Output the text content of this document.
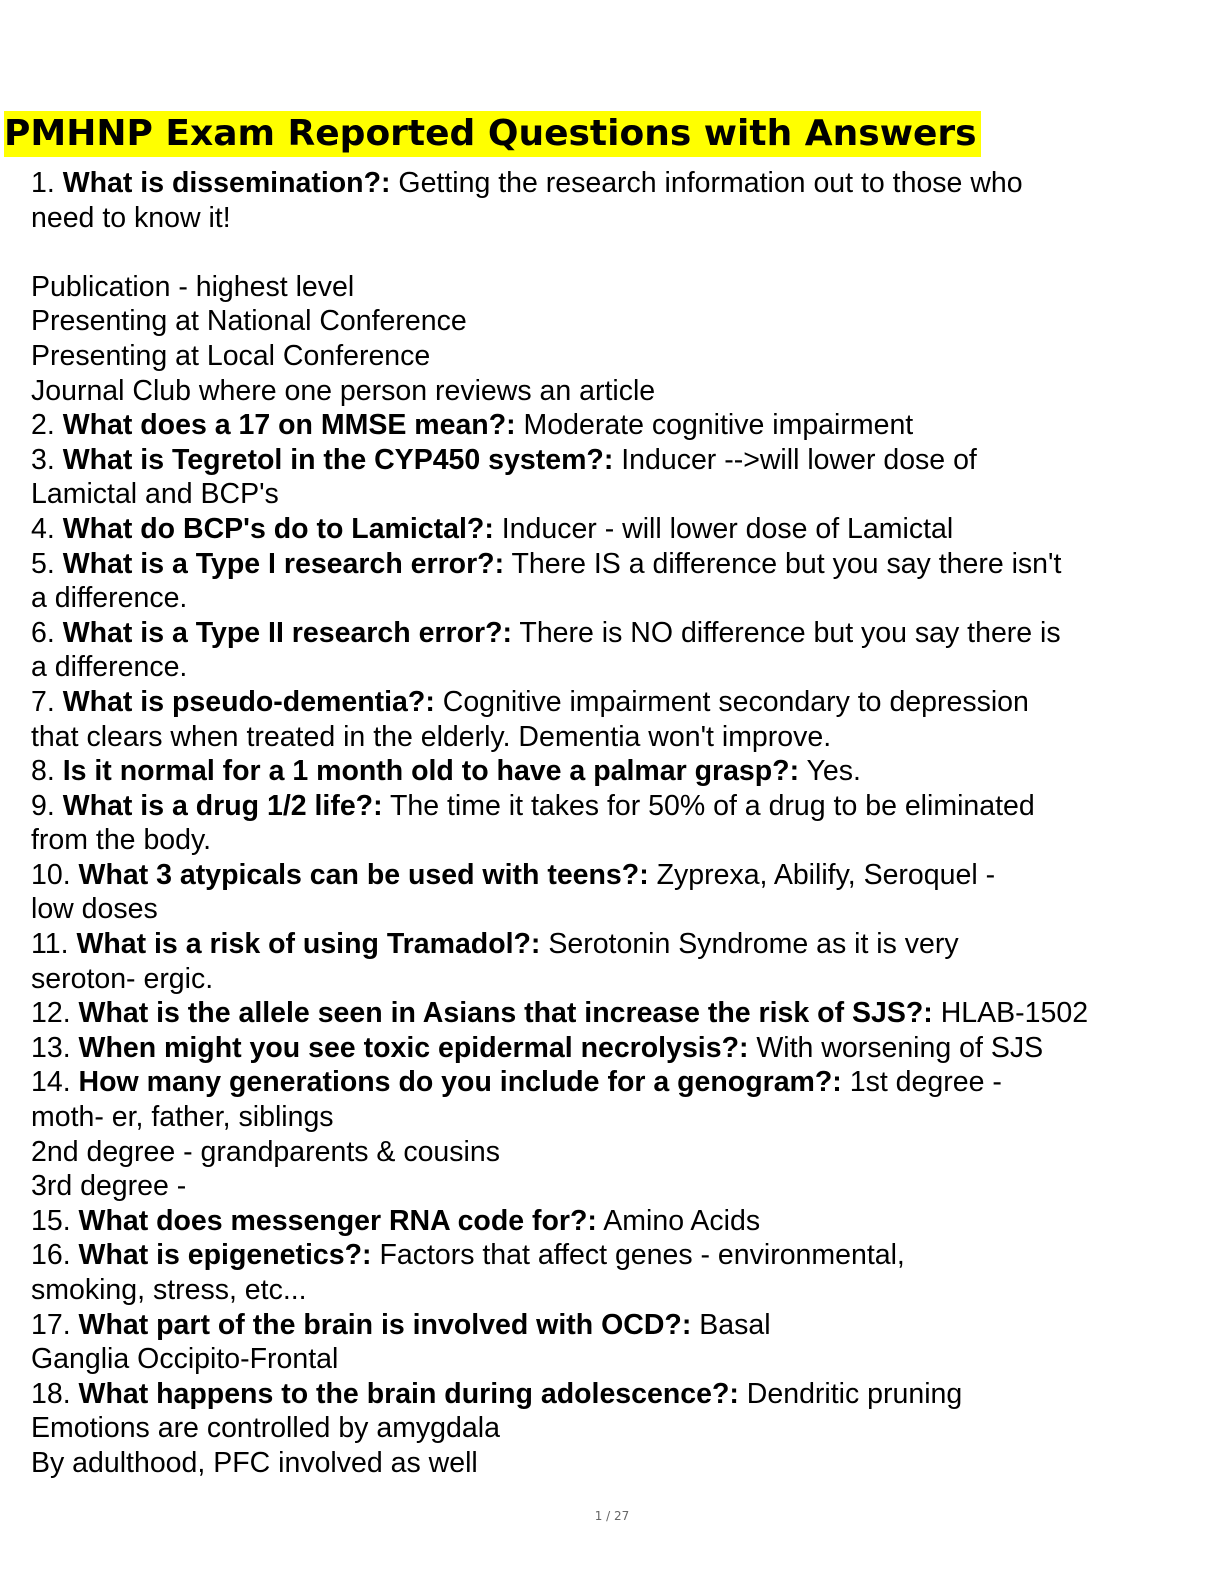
PMHNP Exam Reported Questions with Answers

1. What is dissemination?: Getting the research information out to those who

need to know it!

Publication - highest level

Presenting at National Conference

Presenting at Local Conference

Journal Club where one person reviews an article

2. What does a 17 on MMSE mean?: Moderate cognitive impairment

3. What is Tegretol in the CYP450 system?: Inducer -->will lower dose of

Lamictal and BCP's

4. What do BCP's do to Lamictal?: Inducer - will lower dose of Lamictal

5. What is a Type I research error?: There IS a difference but you say there isn't

a difference.

6. What is a Type II research error?: There is NO difference but you say there is

a difference.

7. What is pseudo-dementia?: Cognitive impairment secondary to depression

that clears when treated in the elderly. Dementia won't improve.

8. Is it normal for a 1 month old to have a palmar grasp?: Yes.

9. What is a drug 1/2 life?: The time it takes for 50% of a drug to be eliminated

from the body.

10. What 3 atypicals can be used with teens?: Zyprexa, Abilify, Seroquel -

low doses

11. What is a risk of using Tramadol?: Serotonin Syndrome as it is very

seroton- ergic.

12. What is the allele seen in Asians that increase the risk of SJS?: HLAB-1502

13. When might you see toxic epidermal necrolysis?: With worsening of SJS

14. How many generations do you include for a genogram?: 1st degree -

moth- er, father, siblings

2nd degree - grandparents & cousins

3rd degree -

15. What does messenger RNA code for?: Amino Acids

16. What is epigenetics?: Factors that affect genes - environmental,

smoking, stress, etc...

17. What part of the brain is involved with OCD?: Basal

Ganglia Occipito-Frontal

18. What happens to the brain during adolescence?: Dendritic pruning

Emotions are controlled by amygdala

By adulthood, PFC involved as well

1 / 27
